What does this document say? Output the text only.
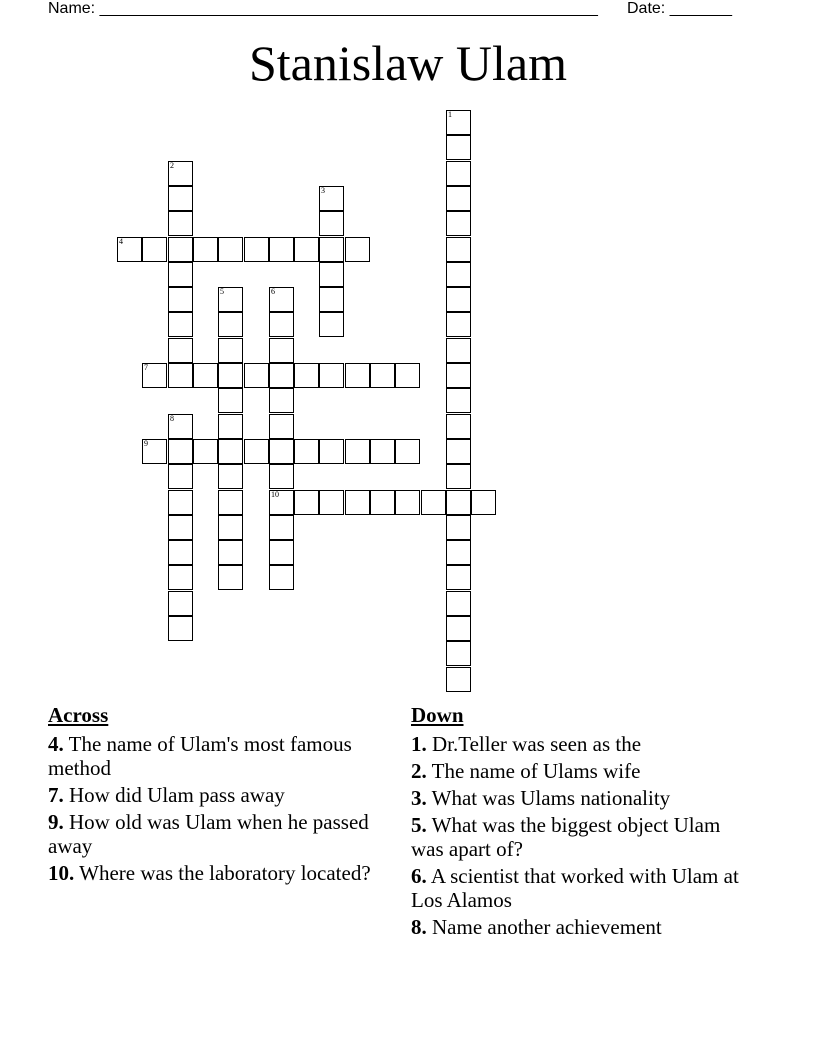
Name: ________________________________________________________ Date: _______
Stanislaw Ulam
1
2
3
4
5	6
10
7
8
9
Across
4. The name of Ulam's most famous method
7. How did Ulam pass away
9. How old was Ulam when he passed away
10. Where was the laboratory located?
Down
1. Dr.Teller was seen as the
2. The name of Ulams wife
3. What was Ulams nationality
5. What was the biggest object Ulam was apart of?
6. A scientist that worked with Ulam at Los Alamos
8. Name another achievement
